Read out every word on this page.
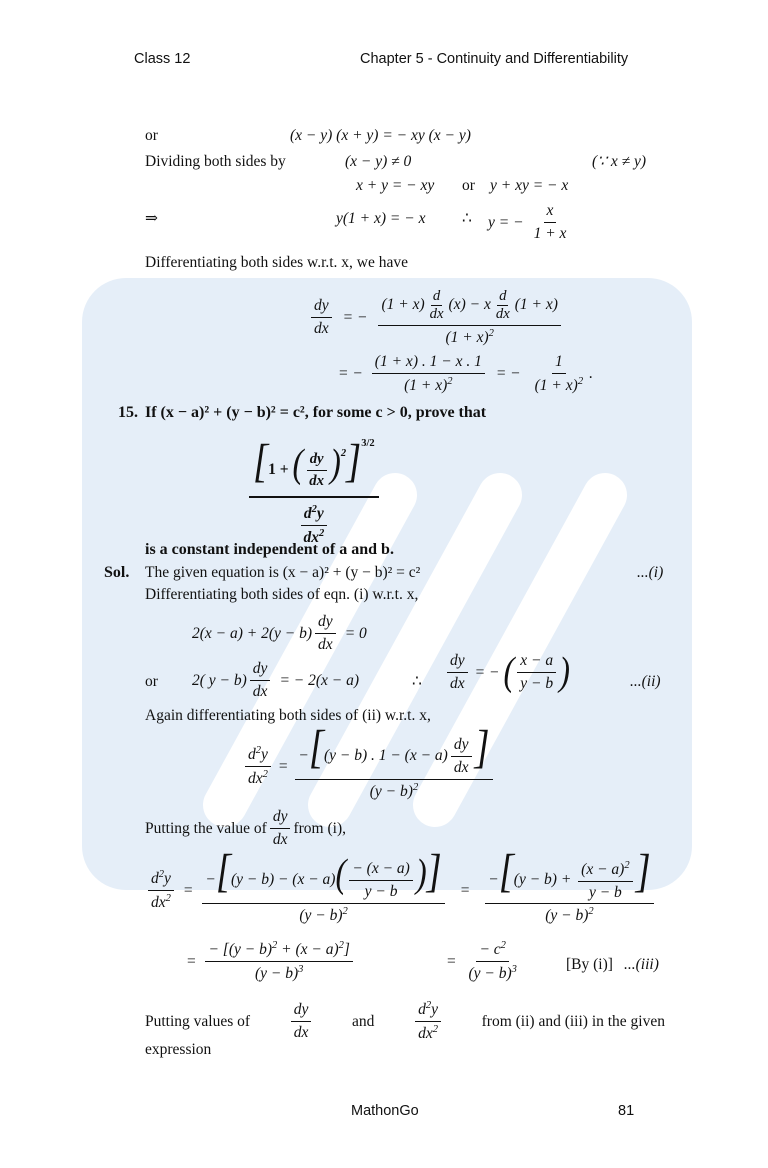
Class 12	Chapter 5 - Continuity and Differentiability
or	(x − y) (x + y) = − xy (x − y)
Dividing both sides by	(x − y) ≠ 0	(∵ x ≠ y)
x + y = − xy or y + xy = − x
⇒	y(1 + x) = − x ∴ y = − $\frac{x}{1 + x}$
Differentiating both sides w.r.t. x, we have
$\frac{dy}{dx}$ = − $\frac{(1 + x) \frac{d}{dx} (x) - x \frac{d}{dx} (1 + x)}{(1 + x)^2}$
= − $\frac{(1 + x) . 1 - x . 1}{(1 + x)^2}$ = − $\frac{1}{(1 + x)^2}$ .
15. If (x − a)² + (y − b)² = c², for some c > 0, prove that
$\frac{[1 + ( \frac{dy}{dx} )^2]^{3/2}}{\frac{d^2y}{dx^2}}$
is a constant independent of a and b.
Sol. The given equation is (x − a)² + (y − b)² = c²	...(i)
Differentiating both sides of eqn. (i) w.r.t. x,
$2(x - a) + 2(y - b) \frac{dy}{dx} = 0$
or 2( $y - b) \frac{dy}{dx}$ = − 2(x − a)	∴ $\frac{dy}{dx}$ = − ( $\frac{x - a}{y - b}$ )	...(ii)
Again differentiating both sides of (ii) w.r.t. x,
$\frac{d^2y}{dx^2} = \frac{-[(y - b) . 1 - (x - a) \frac{dy}{dx} ]}{(y - b)^2}$
Putting the value of $\frac{dy}{dx}$ from (i),
$\frac{d^2y}{dx^2} = \frac{-[(y - b) - (x - a)( \frac{- (x - a)}{y - b} )]}{(y - b)^2} = \frac{-[(y - b) + \frac{(x - a)^2}{y - b} ]}{(y - b)^2}$
= $\frac{- [(y - b)^2 + (x - a)^2]}{(y - b)^3}$	= $\frac{- c^2}{(y - b)^3}$	[By (i)] ...(iii)
Putting values of	$\frac{dy}{dx}$	and	$\frac{d^2y}{dx^2}$	from (ii) and (iii) in the given
expression
MathonGo	81
